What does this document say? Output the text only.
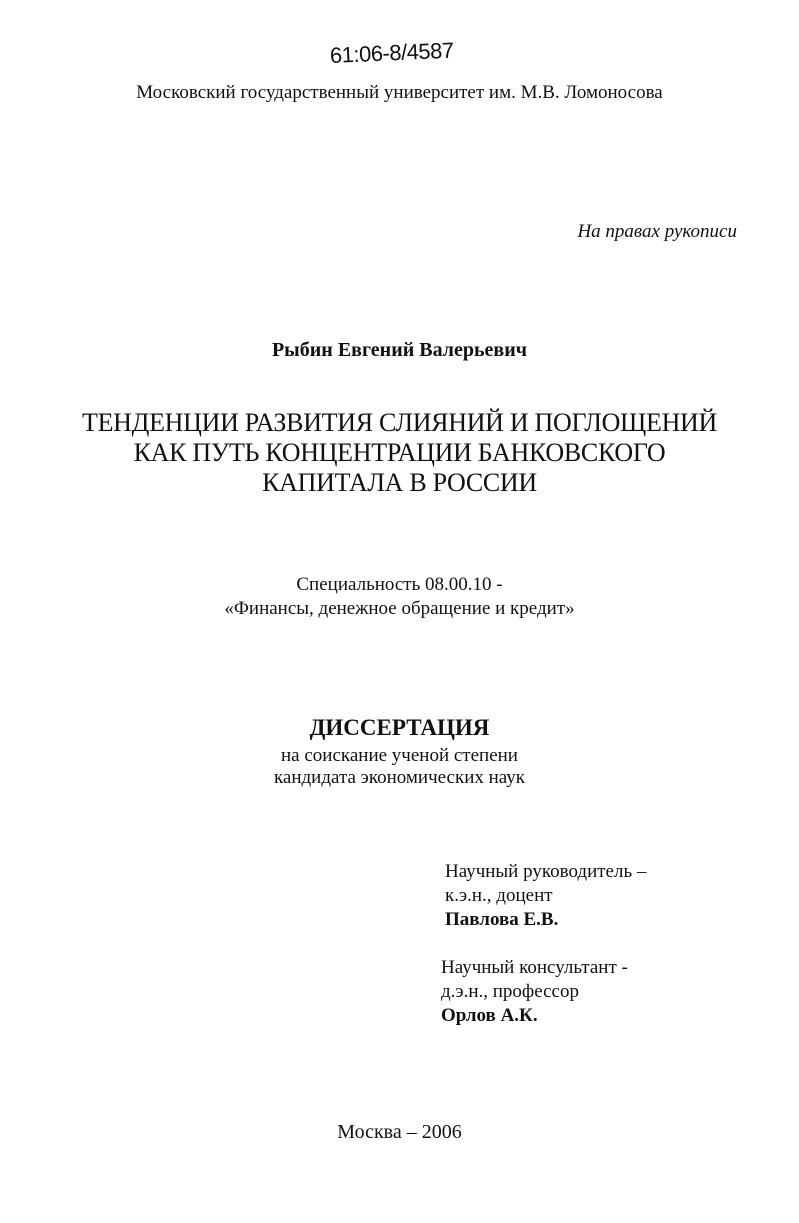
61:06-8/4587
Московский государственный университет им. М.В. Ломоносова
На правах рукописи
Рыбин Евгений Валерьевич
ТЕНДЕНЦИИ РАЗВИТИЯ СЛИЯНИЙ И ПОГЛОЩЕНИЙ
КАК ПУТЬ КОНЦЕНТРАЦИИ БАНКОВСКОГО
КАПИТАЛА В РОССИИ
Специальность 08.00.10 -
«Финансы, денежное обращение и кредит»
ДИССЕРТАЦИЯ
на соискание ученой степени
кандидата экономических наук
Научный руководитель –
к.э.н., доцент
Павлова Е.В.
Научный консультант -
д.э.н., профессор
Орлов А.К.
Москва – 2006
